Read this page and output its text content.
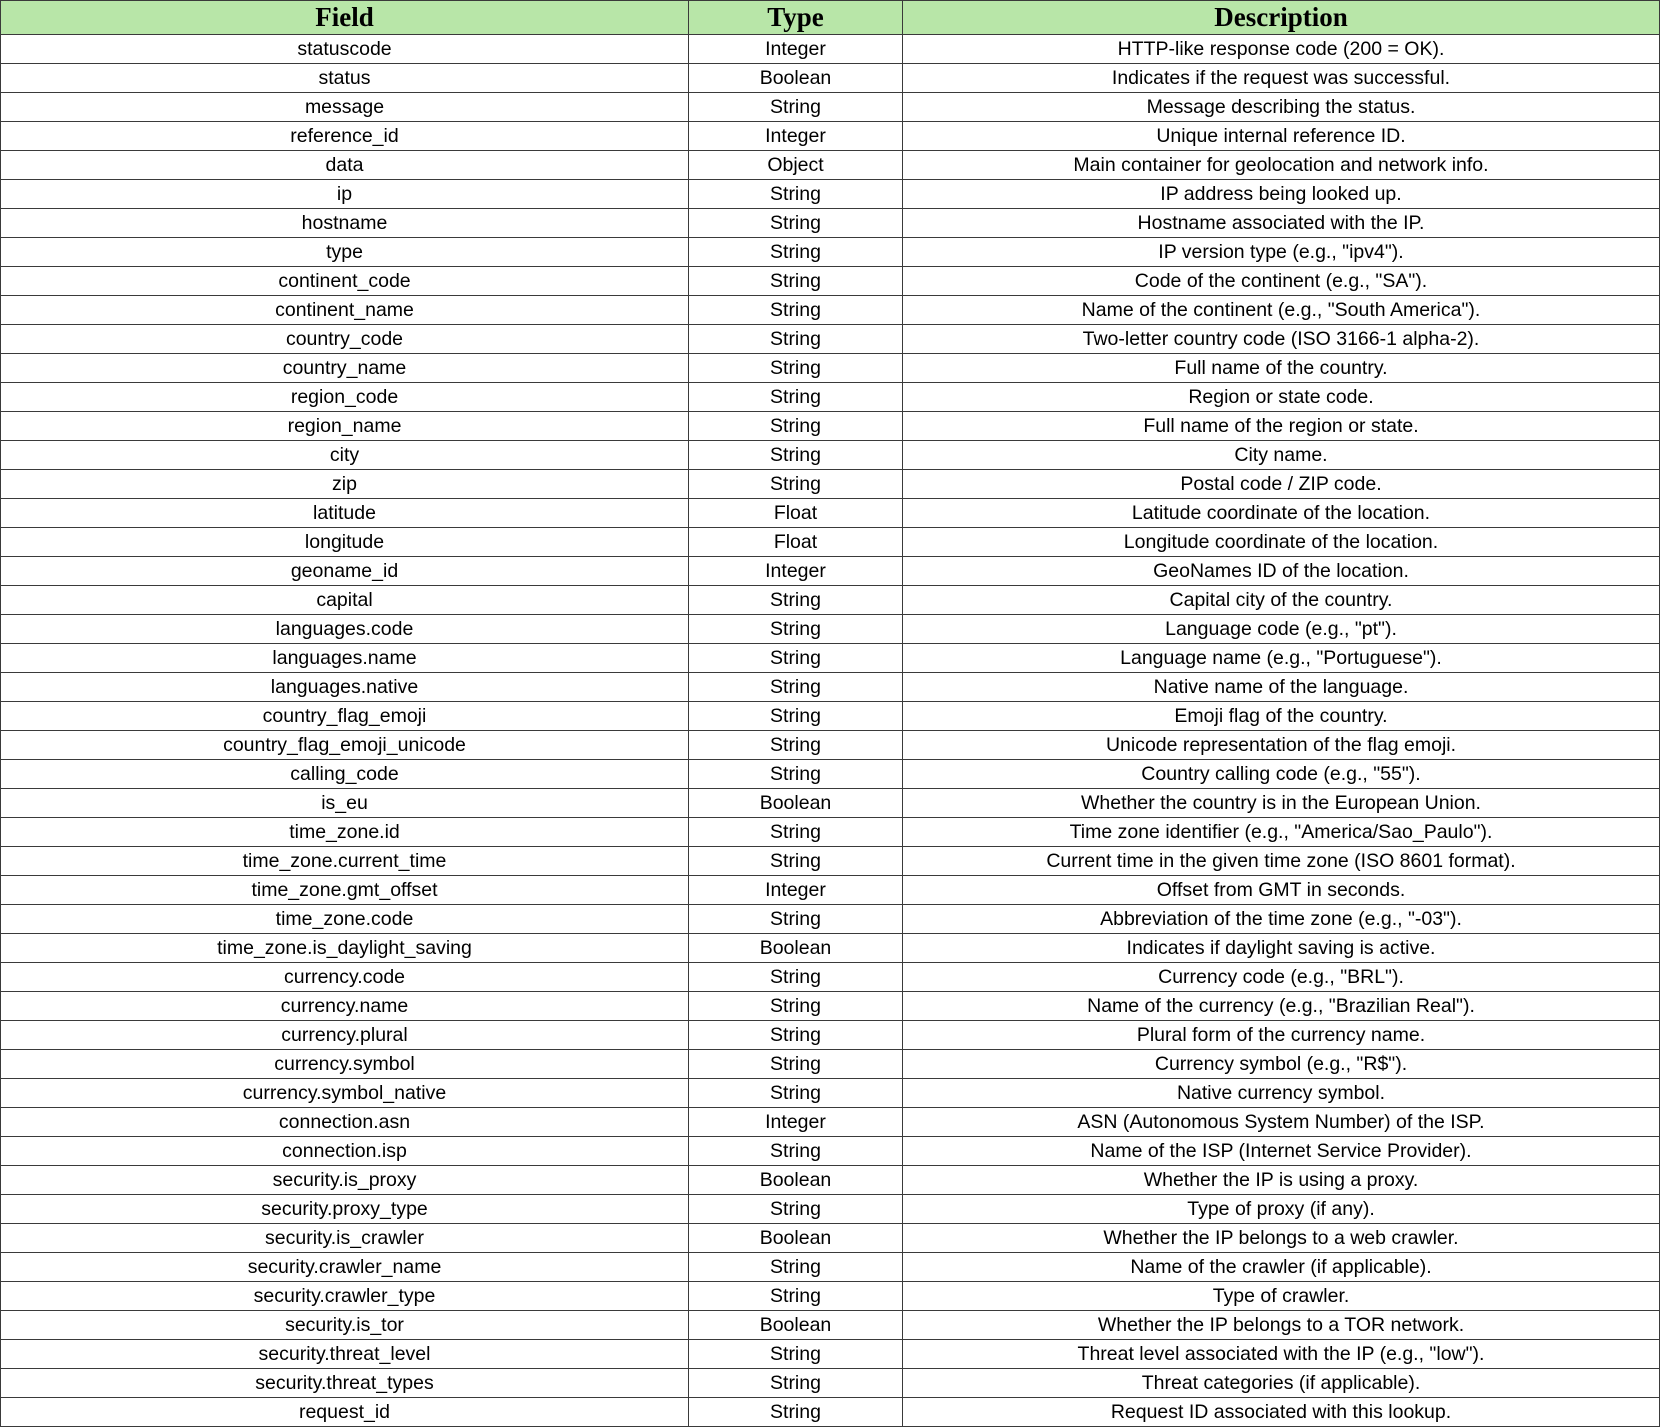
Field	Type	Description
statuscode	Integer	HTTP-like response code (200 = OK).
status	Boolean	Indicates if the request was successful.
message	String	Message describing the status.
reference_id	Integer	Unique internal reference ID.
data	Object	Main container for geolocation and network info.
ip	String	IP address being looked up.
hostname	String	Hostname associated with the IP.
type	String	IP version type (e.g., "ipv4").
continent_code	String	Code of the continent (e.g., "SA").
continent_name	String	Name of the continent (e.g., "South America").
country_code	String	Two-letter country code (ISO 3166-1 alpha-2).
country_name	String	Full name of the country.
region_code	String	Region or state code.
region_name	String	Full name of the region or state.
city	String	City name.
zip	String	Postal code / ZIP code.
latitude	Float	Latitude coordinate of the location.
longitude	Float	Longitude coordinate of the location.
geoname_id	Integer	GeoNames ID of the location.
capital	String	Capital city of the country.
languages.code	String	Language code (e.g., "pt").
languages.name	String	Language name (e.g., "Portuguese").
languages.native	String	Native name of the language.
country_flag_emoji	String	Emoji flag of the country.
country_flag_emoji_unicode	String	Unicode representation of the flag emoji.
calling_code	String	Country calling code (e.g., "55").
is_eu	Boolean	Whether the country is in the European Union.
time_zone.id	String	Time zone identifier (e.g., "America/Sao_Paulo").
time_zone.current_time	String	Current time in the given time zone (ISO 8601 format).
time_zone.gmt_offset	Integer	Offset from GMT in seconds.
time_zone.code	String	Abbreviation of the time zone (e.g., "-03").
time_zone.is_daylight_saving	Boolean	Indicates if daylight saving is active.
currency.code	String	Currency code (e.g., "BRL").
currency.name	String	Name of the currency (e.g., "Brazilian Real").
currency.plural	String	Plural form of the currency name.
currency.symbol	String	Currency symbol (e.g., "R$").
currency.symbol_native	String	Native currency symbol.
connection.asn	Integer	ASN (Autonomous System Number) of the ISP.
connection.isp	String	Name of the ISP (Internet Service Provider).
security.is_proxy	Boolean	Whether the IP is using a proxy.
security.proxy_type	String	Type of proxy (if any).
security.is_crawler	Boolean	Whether the IP belongs to a web crawler.
security.crawler_name	String	Name of the crawler (if applicable).
security.crawler_type	String	Type of crawler.
security.is_tor	Boolean	Whether the IP belongs to a TOR network.
security.threat_level	String	Threat level associated with the IP (e.g., "low").
security.threat_types	String	Threat categories (if applicable).
request_id	String	Request ID associated with this lookup.
